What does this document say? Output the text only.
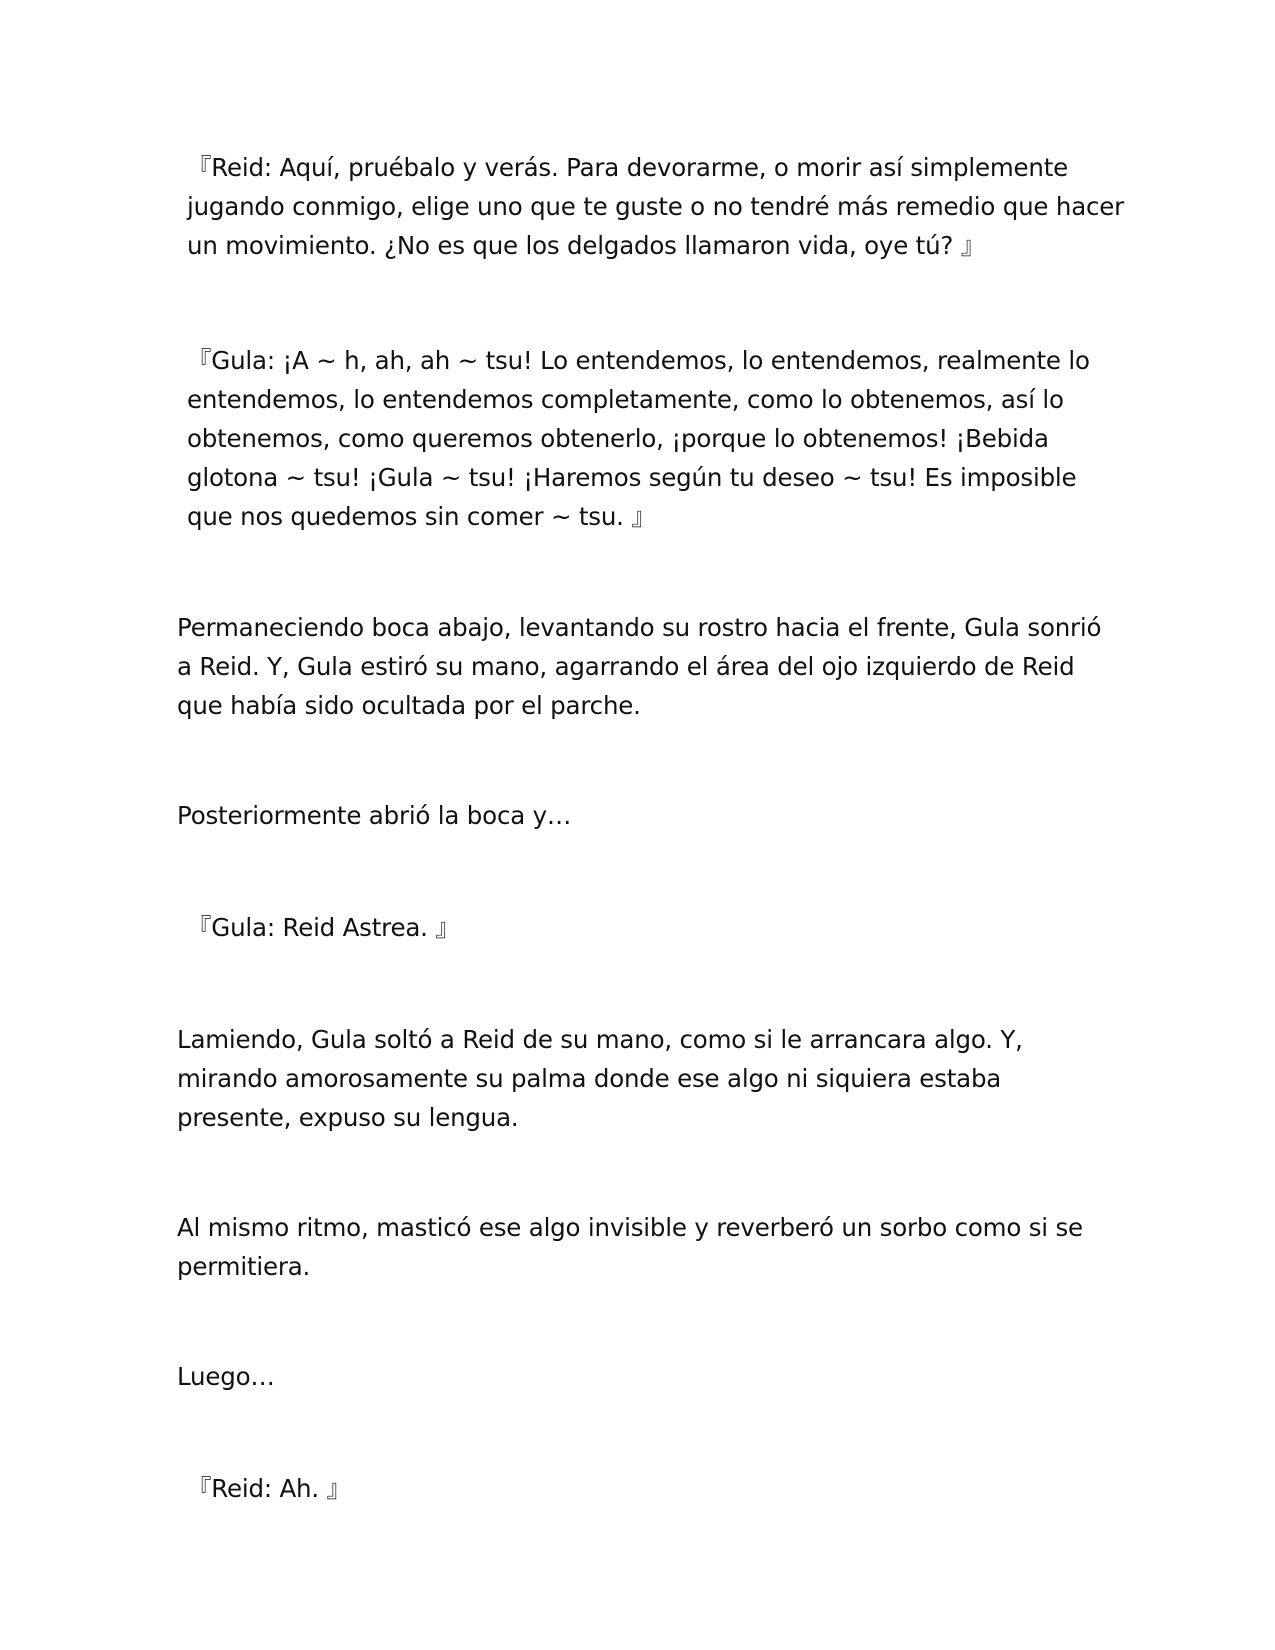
『Reid: Aquí, pruébalo y verás. Para devorarme, o morir así simplemente jugando conmigo, elige uno que te guste o no tendré más remedio que hacer un movimiento. ¿No es que los delgados llamaron vida, oye tú? 』

『Gula: ¡A ~ h, ah, ah ~ tsu! Lo entendemos, lo entendemos, realmente lo entendemos, lo entendemos completamente, como lo obtenemos, así lo obtenemos, como queremos obtenerlo, ¡porque lo obtenemos! ¡Bebida glotona ~ tsu! ¡Gula ~ tsu! ¡Haremos según tu deseo ~ tsu! Es imposible que nos quedemos sin comer ~ tsu. 』

Permaneciendo boca abajo, levantando su rostro hacia el frente, Gula sonrió a Reid. Y, Gula estiró su mano, agarrando el área del ojo izquierdo de Reid que había sido ocultada por el parche.

Posteriormente abrió la boca y…

『Gula: Reid Astrea. 』

Lamiendo, Gula soltó a Reid de su mano, como si le arrancara algo. Y, mirando amorosamente su palma donde ese algo ni siquiera estaba presente, expuso su lengua.

Al mismo ritmo, masticó ese algo invisible y reverberó un sorbo como si se permitiera.

Luego…

『Reid: Ah. 』
